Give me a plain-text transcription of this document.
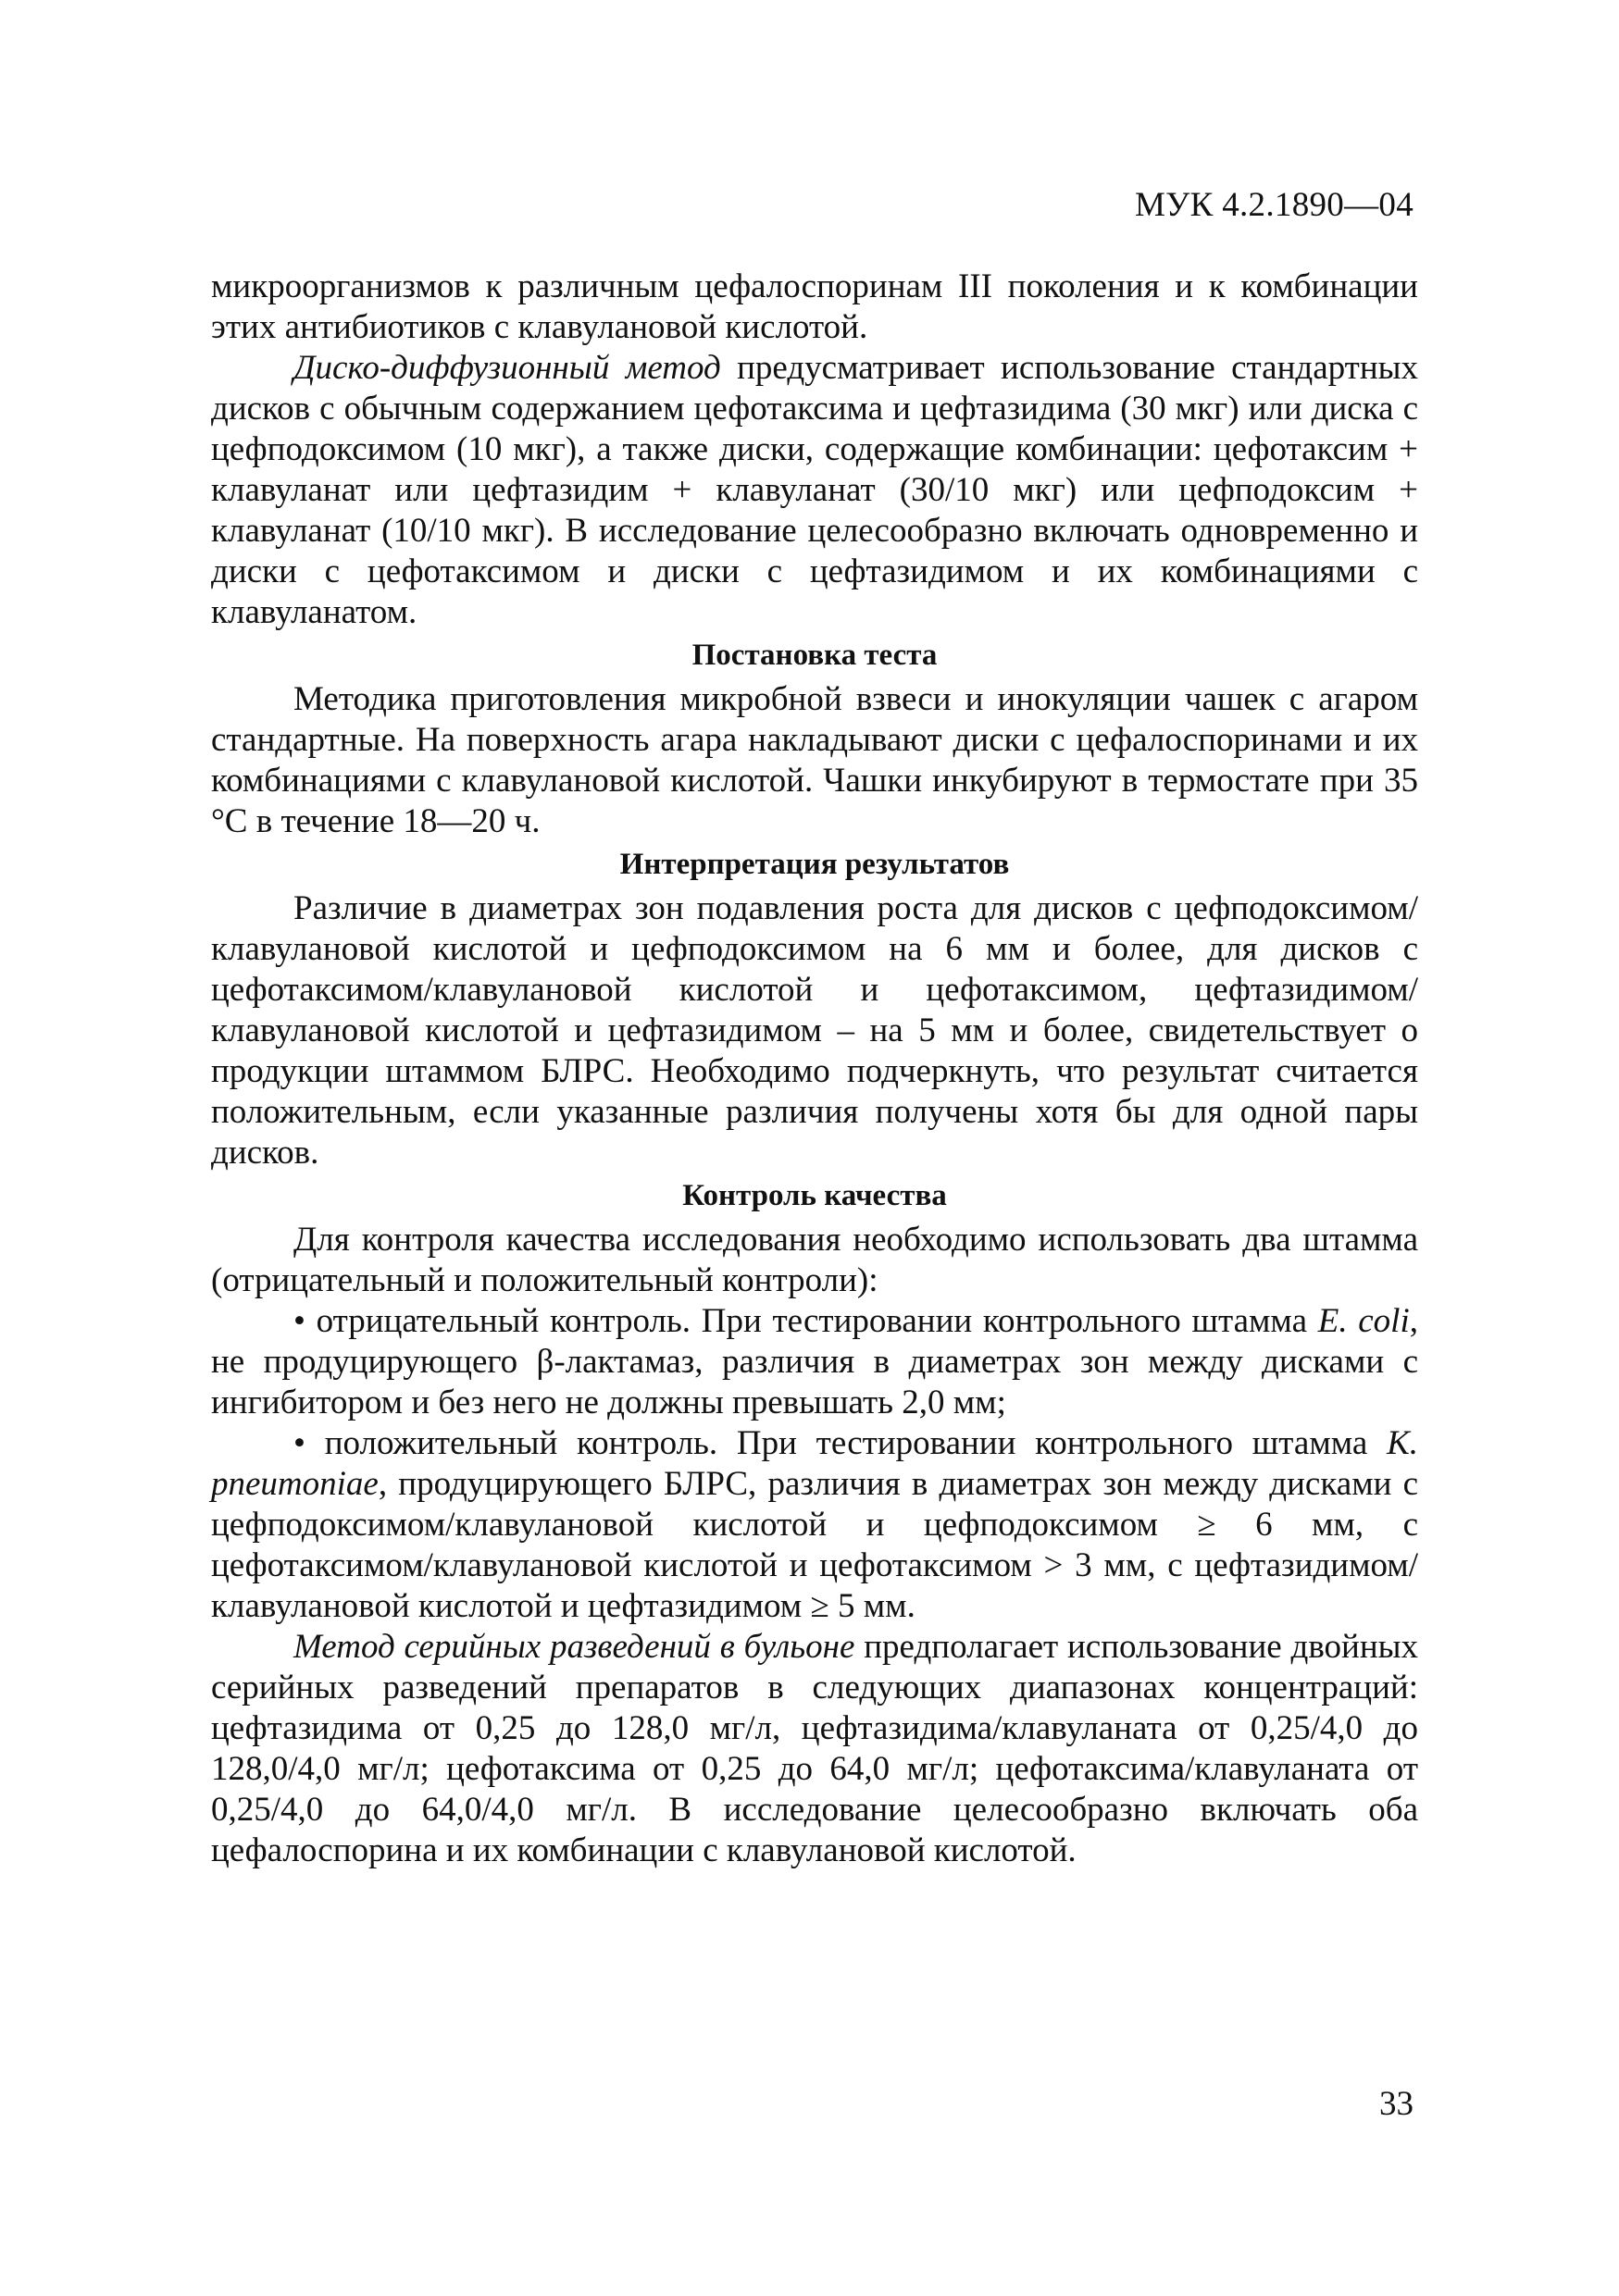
МУК 4.2.1890—04

микроорганизмов к различным цефалоспоринам III поколения и к комбинации этих антибиотиков с клавулановой кислотой.

Диско-диффузионный метод предусматривает использование стандартных дисков с обычным содержанием цефотаксима и цефтазидима (30 мкг) или диска с цефподоксимом (10 мкг), а также диски, содержащие комбинации: цефотаксим + клавуланат или цефтазидим + клавуланат (30/10 мкг) или цефподоксим + клавуланат (10/10 мкг). В исследование целесообразно включать одновременно и диски с цефотаксимом и диски с цефтазидимом и их комбинациями с клавуланатом.

Постановка теста

Методика приготовления микробной взвеси и инокуляции чашек с агаром стандартные. На поверхность агара накладывают диски с цефалоспоринами и их комбинациями с клавулановой кислотой. Чашки инкубируют в термостате при 35 °С в течение 18—20 ч.

Интерпретация результатов

Различие в диаметрах зон подавления роста для дисков с цефподоксимом/клавулановой кислотой и цефподоксимом на 6 мм и более, для дисков с цефотаксимом/клавулановой кислотой и цефотаксимом, цефтазидимом/клавулановой кислотой и цефтазидимом – на 5 мм и более, свидетельствует о продукции штаммом БЛРС. Необходимо подчеркнуть, что результат считается положительным, если указанные различия получены хотя бы для одной пары дисков.

Контроль качества

Для контроля качества исследования необходимо использовать два штамма (отрицательный и положительный контроли):

• отрицательный контроль. При тестировании контрольного штамма E. coli, не продуцирующего β-лактамаз, различия в диаметрах зон между дисками с ингибитором и без него не должны превышать 2,0 мм;

• положительный контроль. При тестировании контрольного штамма K. pneumoniae, продуцирующего БЛРС, различия в диаметрах зон между дисками с цефподоксимом/клавулановой кислотой и цефподоксимом ≥ 6 мм, с цефотаксимом/клавулановой кислотой и цефотаксимом > 3 мм, с цефтазидимом/клавулановой кислотой и цефтазидимом ≥ 5 мм.

Метод серийных разведений в бульоне предполагает использование двойных серийных разведений препаратов в следующих диапазонах концентраций: цефтазидима от 0,25 до 128,0 мг/л, цефтазидима/клавуланата от 0,25/4,0 до 128,0/4,0 мг/л; цефотаксима от 0,25 до 64,0 мг/л; цефотаксима/клавуланата от 0,25/4,0 до 64,0/4,0 мг/л. В исследование целесообразно включать оба цефалоспорина и их комбинации с клавулановой кислотой.

33
